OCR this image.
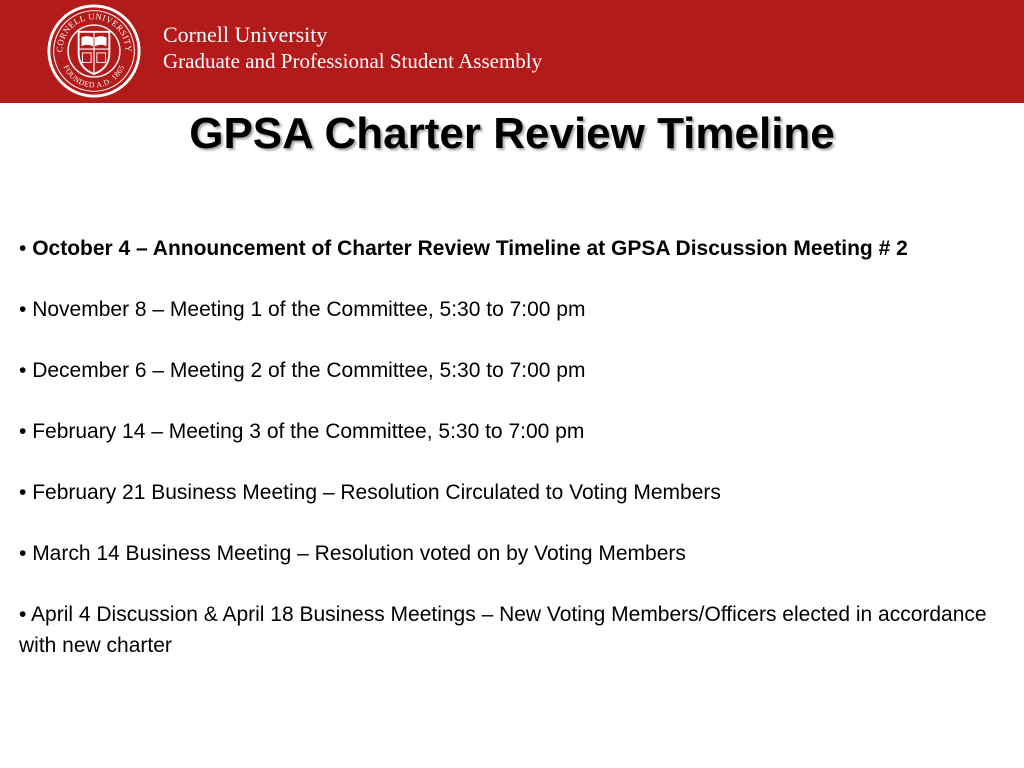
CORNELL UNIVERSITY
FOUNDED A.D. 1865
Cornell University
Graduate and Professional Student Assembly
GPSA Charter Review Timeline
• October 4 – Announcement of Charter Review Timeline at GPSA Discussion Meeting # 2
• November 8 – Meeting 1 of the Committee, 5:30 to 7:00 pm
• December 6 – Meeting 2 of the Committee, 5:30 to 7:00 pm
• February 14 – Meeting 3 of the Committee, 5:30 to 7:00 pm
• February 21 Business Meeting – Resolution Circulated to Voting Members
• March 14 Business Meeting – Resolution voted on by Voting Members
• April 4 Discussion & April 18 Business Meetings – New Voting Members/Officers elected in accordance with new charter
